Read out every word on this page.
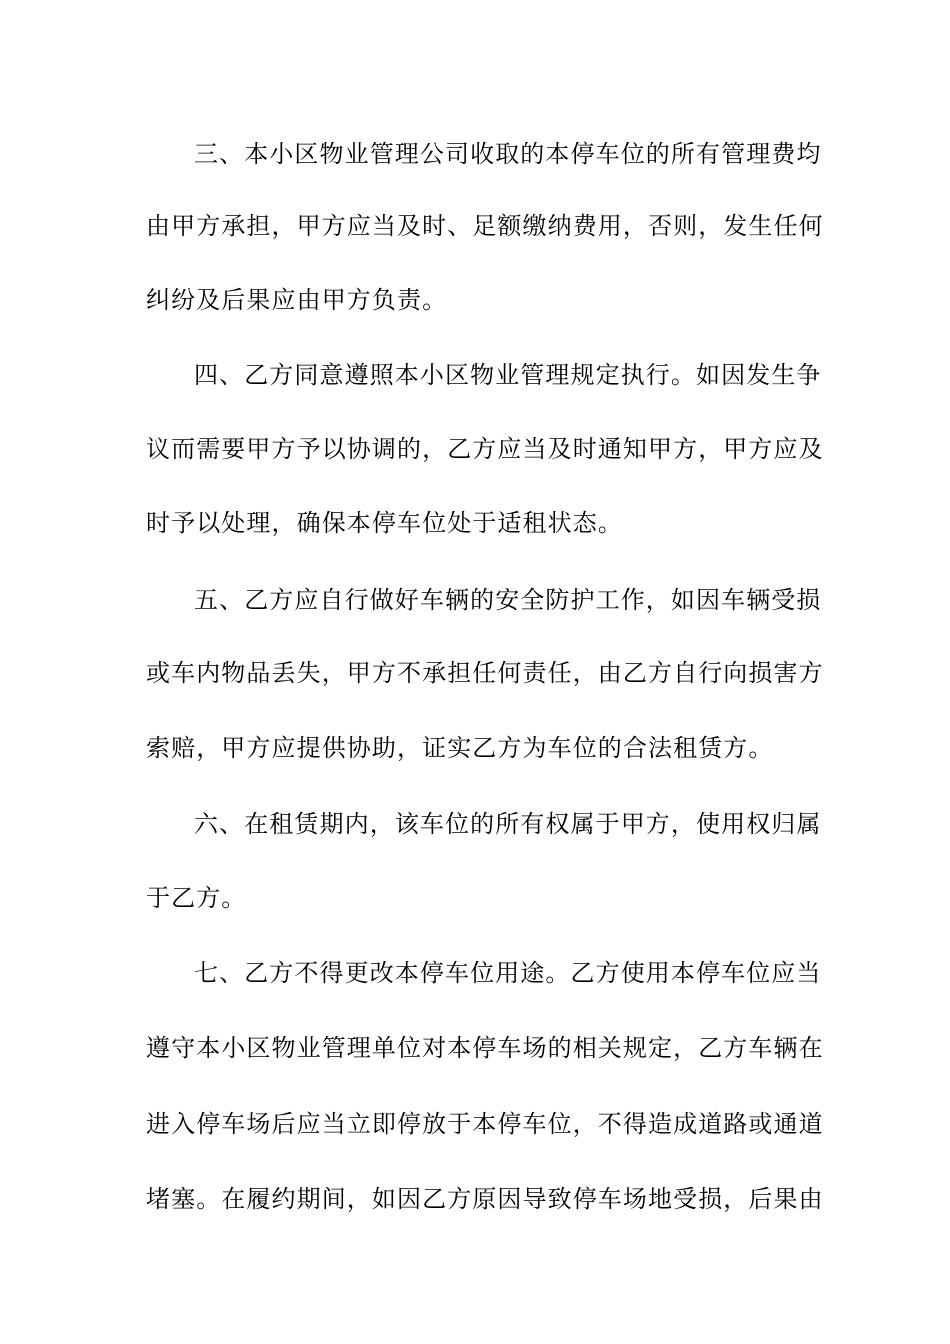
三、本小区物业管理公司收取的本停车位的所有管理费均

由甲方承担，甲方应当及时、足额缴纳费用，否则，发生任何

纠纷及后果应由甲方负责。

四、乙方同意遵照本小区物业管理规定执行。如因发生争

议而需要甲方予以协调的，乙方应当及时通知甲方，甲方应及

时予以处理，确保本停车位处于适租状态。

五、乙方应自行做好车辆的安全防护工作，如因车辆受损

或车内物品丢失，甲方不承担任何责任，由乙方自行向损害方

索赔，甲方应提供协助，证实乙方为车位的合法租赁方。

六、在租赁期内，该车位的所有权属于甲方，使用权归属

于乙方。

七、乙方不得更改本停车位用途。乙方使用本停车位应当

遵守本小区物业管理单位对本停车场的相关规定，乙方车辆在

进入停车场后应当立即停放于本停车位，不得造成道路或通道

堵塞。在履约期间，如因乙方原因导致停车场地受损，后果由
